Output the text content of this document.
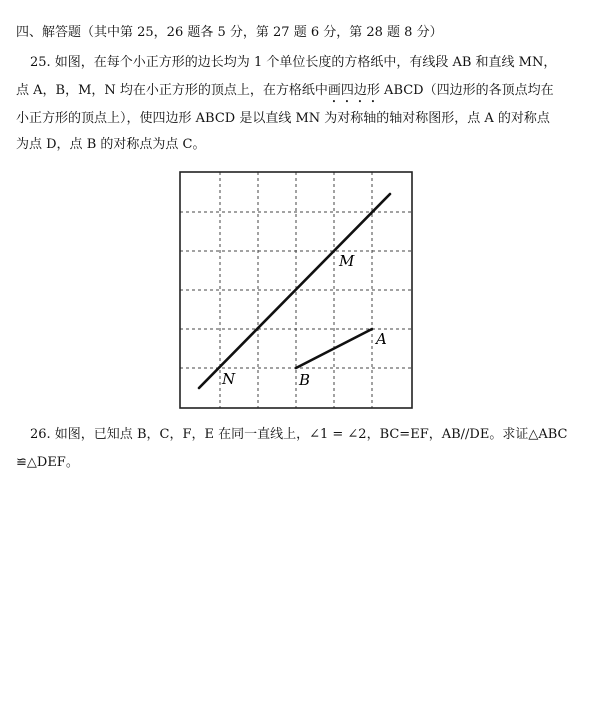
四、解答题（其中第 25，26 题各 5 分，第 27 题 6 分，第 28 题 8 分）
25. 如图，在每个小正方形的边长均为 1 个单位长度的方格纸中，有线段 AB 和直线 MN，
点 A，B，M，N 均在小正方形的顶点上，在方格纸中画四边形 ABCD（四边形的各顶点均在
小正方形的顶点上），使四边形 ABCD 是以直线 MN 为对称轴的轴对称图形，点 A 的对称点
为点 D，点 B 的对称点为点 C。
M
A
N	B
26. 如图，已知点 B，C，F，E 在同一直线上，∠1 = ∠2，BC=EF，AB//DE。求证△ABC
≌△DEF。
